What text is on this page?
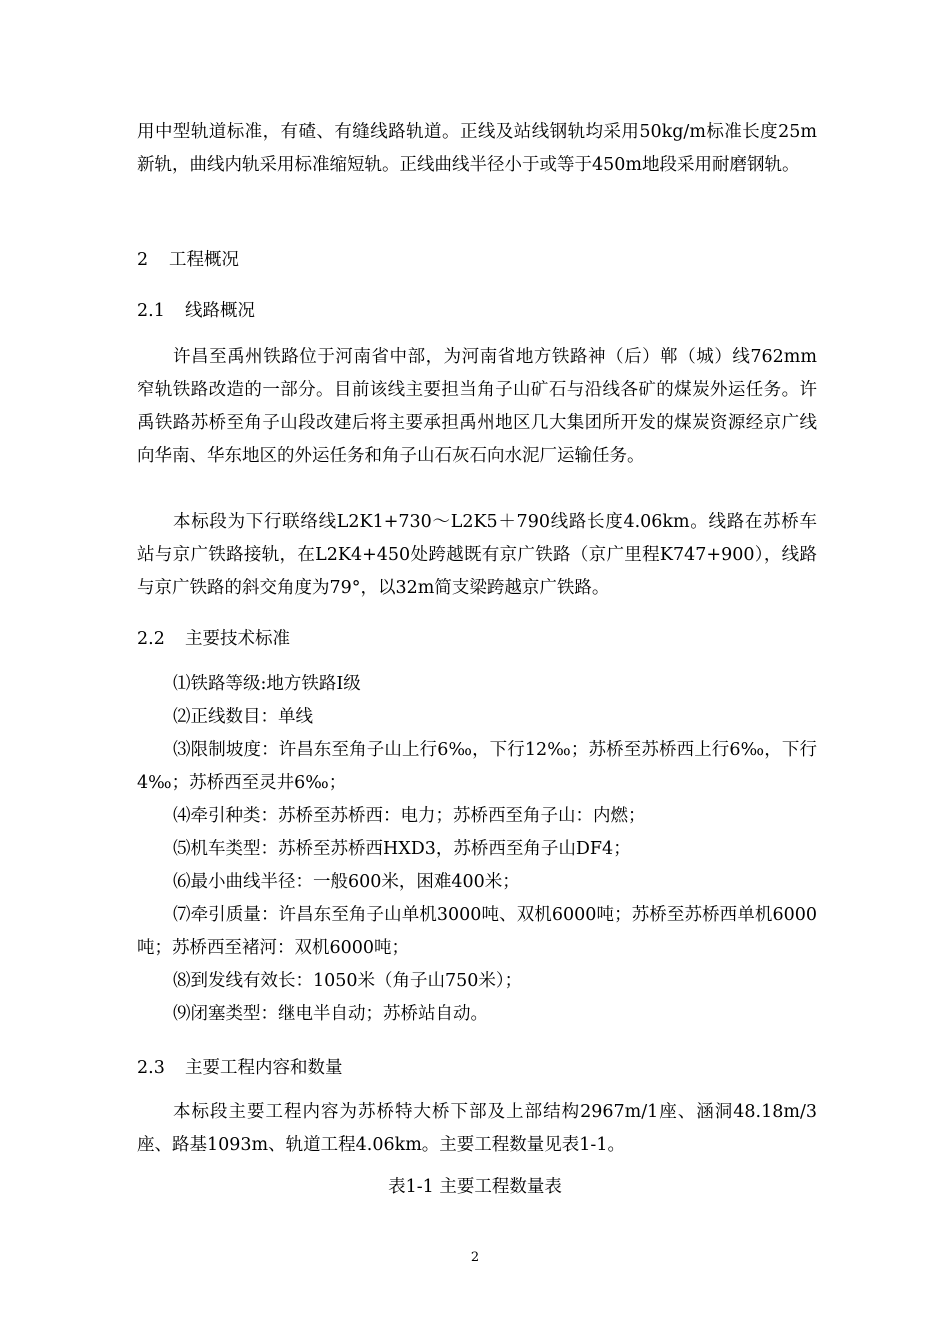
用中型轨道标准，有碴、有缝线路轨道。正线及站线钢轨均采用50kg/m标准长度25m新轨，曲线内轨采用标准缩短轨。正线曲线半径小于或等于450m地段采用耐磨钢轨。

2 工程概况

2.1 线路概况

许昌至禹州铁路位于河南省中部，为河南省地方铁路神（后）郸（城）线762mm窄轨铁路改造的一部分。目前该线主要担当角子山矿石与沿线各矿的煤炭外运任务。许禹铁路苏桥至角子山段改建后将主要承担禹州地区几大集团所开发的煤炭资源经京广线向华南、华东地区的外运任务和角子山石灰石向水泥厂运输任务。

本标段为下行联络线L2K1+730～L2K5＋790线路长度4.06km。线路在苏桥车站与京广铁路接轨，在L2K4+450处跨越既有京广铁路（京广里程K747+900），线路与京广铁路的斜交角度为79°，以32m简支梁跨越京广铁路。

2.2 主要技术标准

⑴铁路等级:地方铁路Ⅰ级

⑵正线数目：单线

⑶限制坡度：许昌东至角子山上行6‰，下行12‰；苏桥至苏桥西上行6‰，下行4‰；苏桥西至灵井6‰；

⑷牵引种类：苏桥至苏桥西：电力；苏桥西至角子山：内燃；

⑸机车类型：苏桥至苏桥西HXD3，苏桥西至角子山DF4；

⑹最小曲线半径：一般600米，困难400米；

⑺牵引质量：许昌东至角子山单机3000吨、双机6000吨；苏桥至苏桥西单机6000吨；苏桥西至褚河：双机6000吨；

⑻到发线有效长：1050米（角子山750米）；

⑼闭塞类型：继电半自动；苏桥站自动。

2.3 主要工程内容和数量

本标段主要工程内容为苏桥特大桥下部及上部结构2967m/1座、涵洞48.18m/3座、路基1093m、轨道工程4.06km。主要工程数量见表1-1。

表1-1 主要工程数量表

2
